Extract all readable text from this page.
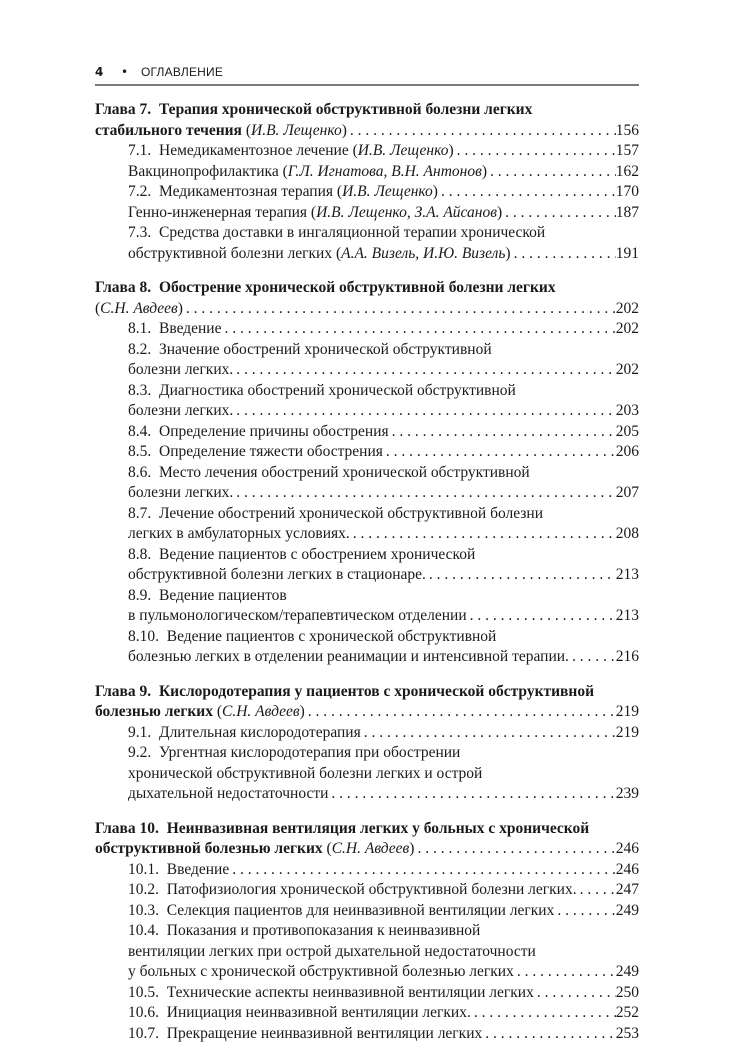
4	•	ОГЛАВЛЕНИЕ
Глава 7. Терапия хронической обструктивной болезни легких
стабильного течения (И.В. Лещенко) . . .	156
7.1. Немедикаментозное лечение (И.В. Лещенко) . . .	157
Вакцинопрофилактика (Г.Л. Игнатова, В.Н. Антонов) . . .	162
7.2. Медикаментозная терапия (И.В. Лещенко) . . .	170
Генно-инженерная терапия (И.В. Лещенко, З.А. Айсанов) . . .	187
7.3. Средства доставки в ингаляционной терапии хронической
обструктивной болезни легких (А.А. Визель, И.Ю. Визель) . . .	191
Глава 8. Обострение хронической обструктивной болезни легких
(С.Н. Авдеев) . . .	202
8.1. Введение . . .	202
8.2. Значение обострений хронической обструктивной
болезни легких. . . .	202
8.3. Диагностика обострений хронической обструктивной
болезни легких. . . .	203
8.4. Определение причины обострения . . .	205
8.5. Определение тяжести обострения . . .	206
8.6. Место лечения обострений хронической обструктивной
болезни легких. . . .	207
8.7. Лечение обострений хронической обструктивной болезни
легких в амбулаторных условиях. . . .	208
8.8. Ведение пациентов с обострением хронической
обструктивной болезни легких в стационаре. . . .	213
8.9. Ведение пациентов
в пульмонологическом/терапевтическом отделении . . .	213
8.10. Ведение пациентов с хронической обструктивной
болезнью легких в отделении реанимации и интенсивной терапии. . . .	216
Глава 9. Кислородотерапия у пациентов с хронической обструктивной
болезнью легких (С.Н. Авдеев) . . .	219
9.1. Длительная кислородотерапия . . .	219
9.2. Ургентная кислородотерапия при обострении
хронической обструктивной болезни легких и острой
дыхательной недостаточности . . .	239
Глава 10. Неинвазивная вентиляция легких у больных с хронической
обструктивной болезнью легких (С.Н. Авдеев) . . .	246
10.1. Введение . . .	246
10.2. Патофизиология хронической обструктивной болезни легких. . . .	247
10.3. Селекция пациентов для неинвазивной вентиляции легких . . .	249
10.4. Показания и противопоказания к неинвазивной
вентиляции легких при острой дыхательной недостаточности
у больных с хронической обструктивной болезнью легких . . .	249
10.5. Технические аспекты неинвазивной вентиляции легких . . .	250
10.6. Инициация неинвазивной вентиляции легких. . . .	252
10.7. Прекращение неинвазивной вентиляции легких . . .	253
